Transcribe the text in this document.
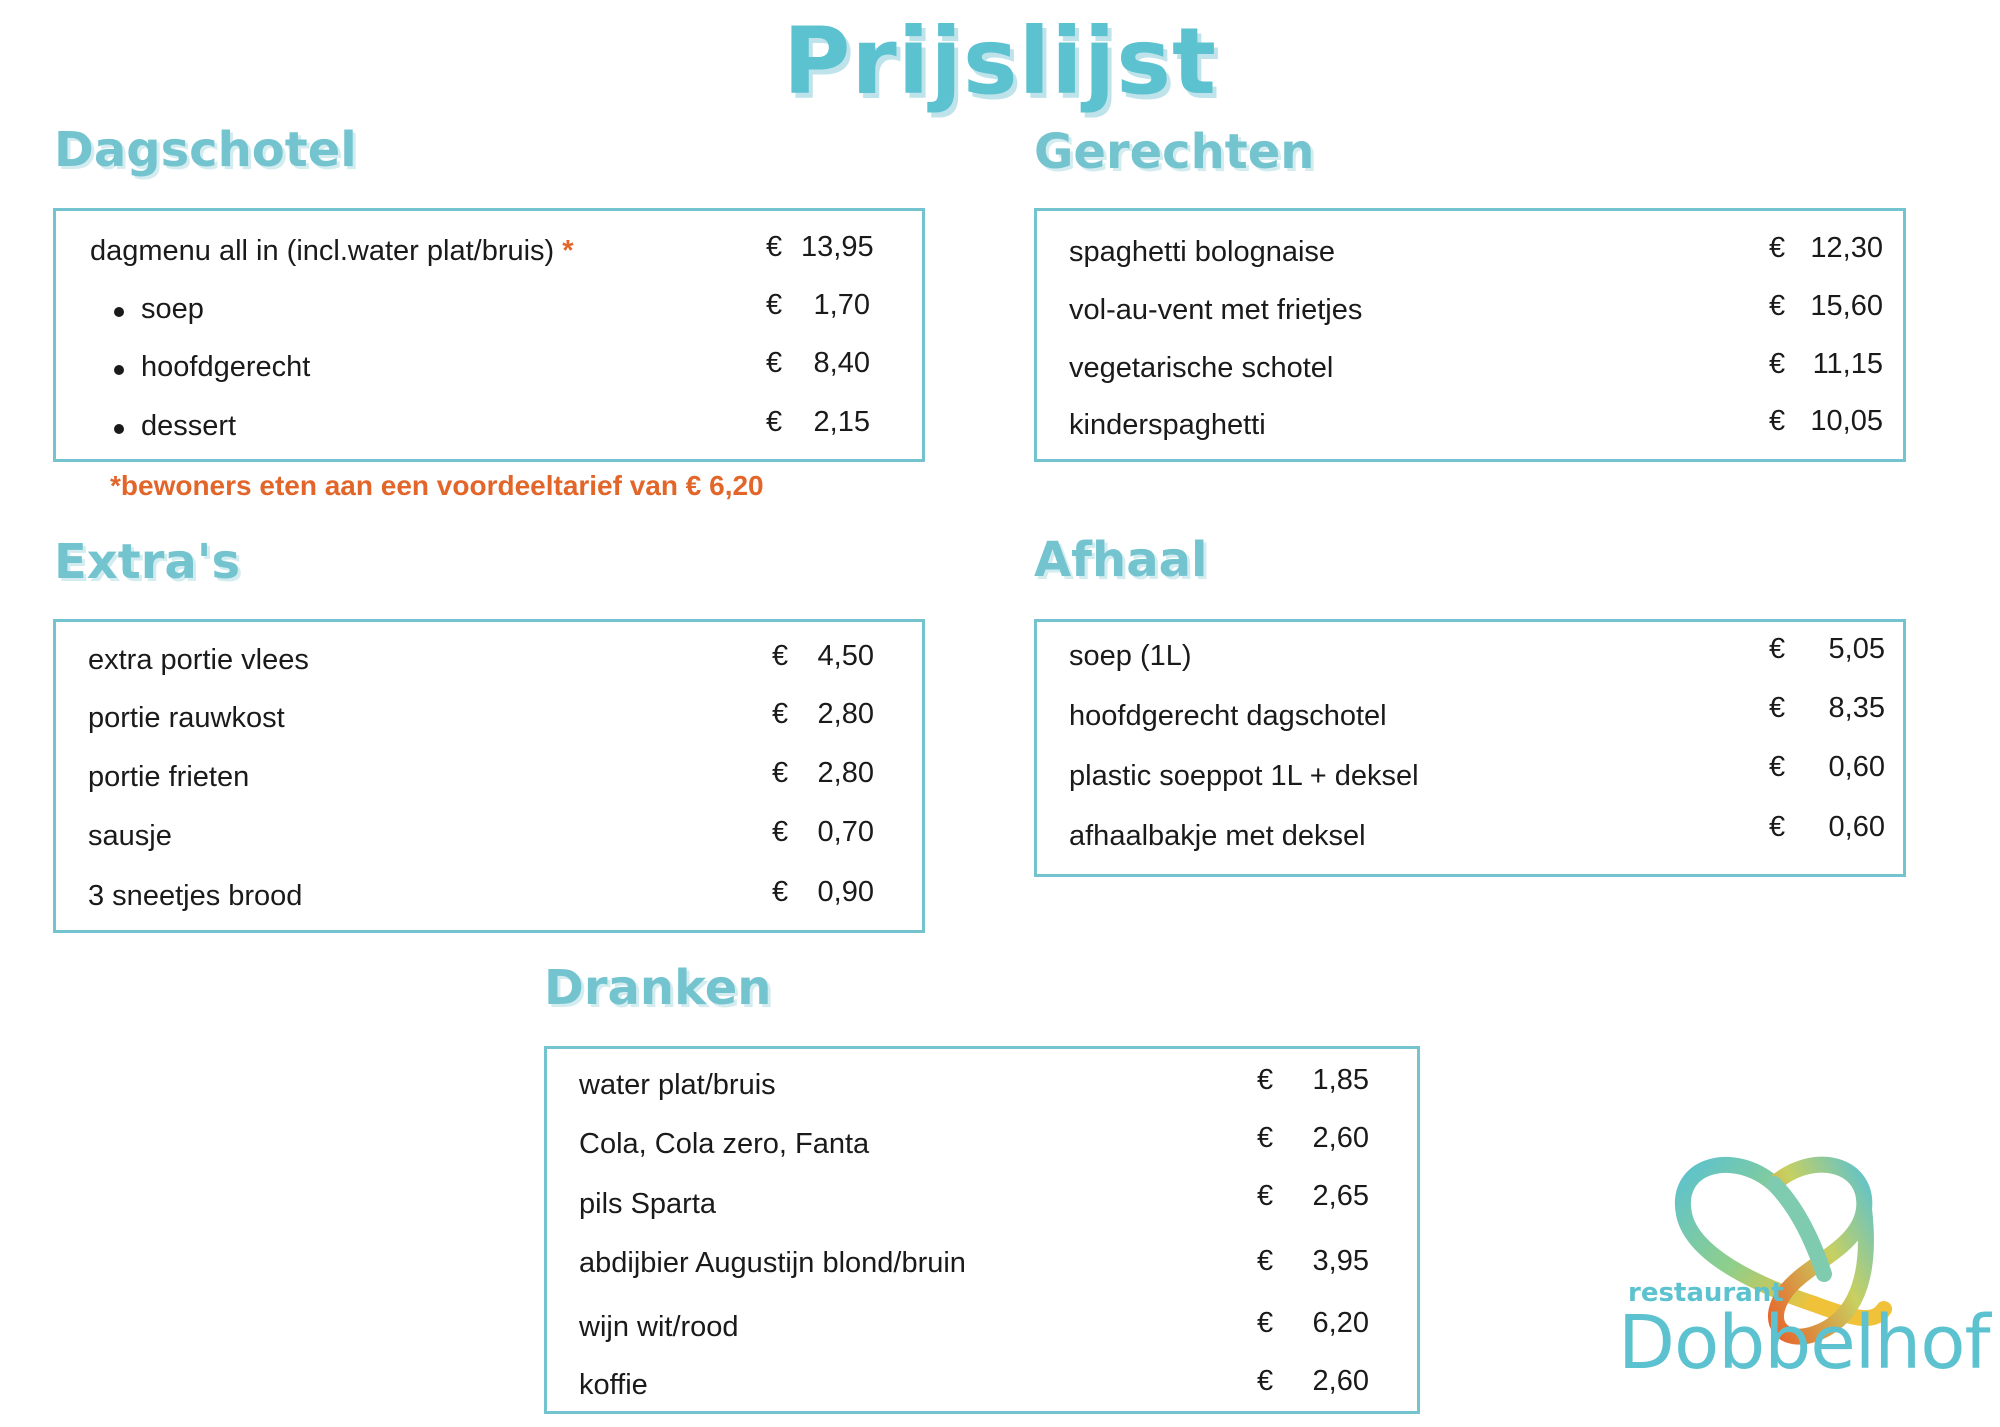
Prijslijst
Dagschotel
dagmenu all in (incl.water plat/bruis) *	€ 13,95
soep	€ 1,70
hoofdgerecht	€ 8,40
dessert	€ 2,15
*bewoners eten aan een voordeeltarief van € 6,20
Gerechten
spaghetti bolognaise	€ 12,30
vol-au-vent met frietjes	€ 15,60
vegetarische schotel	€ 11,15
kinderspaghetti	€ 10,05
Extra's
extra portie vlees	€ 4,50
portie rauwkost	€ 2,80
portie frieten	€ 2,80
sausje	€ 0,70
3 sneetjes brood	€ 0,90
Afhaal
soep (1L)	€ 5,05
hoofdgerecht dagschotel	€ 8,35
plastic soeppot 1L + deksel	€ 0,60
afhaalbakje met deksel	€ 0,60
Dranken
water plat/bruis	€ 1,85
Cola, Cola zero, Fanta	€ 2,60
pils Sparta	€ 2,65
abdijbier Augustijn blond/bruin	€ 3,95
wijn wit/rood	€ 6,20
koffie	€ 2,60
restaurant
Dobbelhof
